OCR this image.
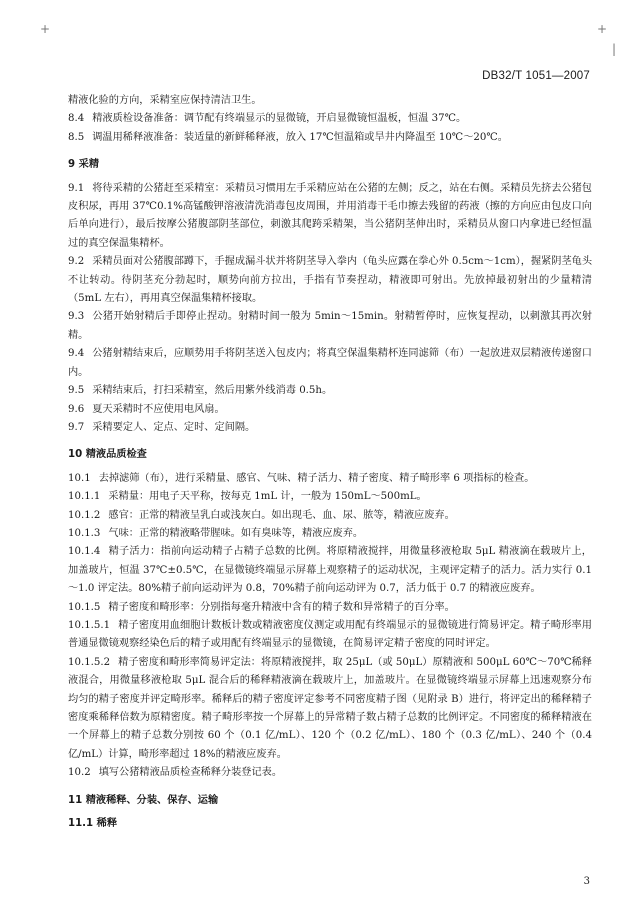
+	+
|
DB32/T 1051—2007

精液化验的方向，采精室应保持清洁卫生。

8.4 精液质检设备准备：调节配有终端显示的显微镜，开启显微镜恒温板，恒温 37℃。

8.5 调温用稀释液准备：装适量的新鲜稀释液，放入 17℃恒温箱或旱井内降温至 10℃～20℃。

9 采精

9.1 将待采精的公猪赶至采精室：采精员习惯用左手采精应站在公猪的左侧；反之，站在右侧。采精员先挤去公猪包皮积尿，再用 37℃0.1%高锰酸钾溶液清洗消毒包皮周围，并用消毒干毛巾擦去残留的药液（擦的方向应由包皮口向后单向进行），最后按摩公猪腹部阴茎部位，刺激其爬跨采精架，当公猪阴茎伸出时，采精员从窗口内拿进已经恒温过的真空保温集精杯。

9.2 采精员面对公猪腹部蹲下，手握成漏斗状并将阴茎导入拳内（龟头应露在拳心外 0.5cm～1cm），握紧阴茎龟头不让转动。待阴茎充分勃起时，顺势向前方拉出，手指有节奏捏动，精液即可射出。先放掉最初射出的少量精清（5mL 左右），再用真空保温集精杯接取。

9.3 公猪开始射精后手即停止捏动。射精时间一般为 5min～15min。射精暂停时，应恢复捏动，以刺激其再次射精。

9.4 公猪射精结束后，应顺势用手将阴茎送入包皮内；将真空保温集精杯连同滤筛（布）一起放进双层精液传递窗口内。

9.5 采精结束后，打扫采精室，然后用紫外线消毒 0.5h。

9.6 夏天采精时不应使用电风扇。

9.7 采精要定人、定点、定时、定间隔。

10 精液品质检查

10.1 去掉滤筛（布），进行采精量、感官、气味、精子活力、精子密度、精子畸形率 6 项指标的检查。

10.1.1 采精量：用电子天平称，按每克 1mL 计，一般为 150mL～500mL。

10.1.2 感官：正常的精液呈乳白或浅灰白。如出现毛、血、尿、脓等，精液应废弃。

10.1.3 气味：正常的精液略带腥味。如有臭味等，精液应废弃。

10.1.4 精子活力：指前向运动精子占精子总数的比例。将原精液搅拌，用微量移液枪取 5μL 精液滴在载玻片上，加盖玻片，恒温 37℃±0.5℃，在显微镜终端显示屏幕上观察精子的运动状况，主观评定精子的活力。活力实行 0.1～1.0 评定法。80%精子前向运动评为 0.8，70%精子前向运动评为 0.7，活力低于 0.7 的精液应废弃。

10.1.5 精子密度和畸形率：分别指每毫升精液中含有的精子数和异常精子的百分率。

10.1.5.1 精子密度用血细胞计数板计数或精液密度仪测定或用配有终端显示的显微镜进行简易评定。精子畸形率用普通显微镜观察经染色后的精子或用配有终端显示的显微镜，在简易评定精子密度的同时评定。

10.1.5.2 精子密度和畸形率简易评定法：将原精液搅拌，取 25μL（或 50μL）原精液和 500μL 60℃～70℃稀释液混合，用微量移液枪取 5μL 混合后的稀释精液滴在载玻片上，加盖玻片。在显微镜终端显示屏幕上迅速观察分布均匀的精子密度并评定畸形率。稀释后的精子密度评定参考不同密度精子图（见附录 B）进行，将评定出的稀释精子密度乘稀释倍数为原精密度。精子畸形率按一个屏幕上的异常精子数占精子总数的比例评定。不同密度的稀释精液在一个屏幕上的精子总数分别按 60 个（0.1 亿/mL）、120 个（0.2 亿/mL）、180 个（0.3 亿/mL）、240 个（0.4 亿/mL）计算，畸形率超过 18%的精液应废弃。

10.2 填写公猪精液品质检查稀释分装登记表。

11 精液稀释、分装、保存、运输

11.1 稀释

3
